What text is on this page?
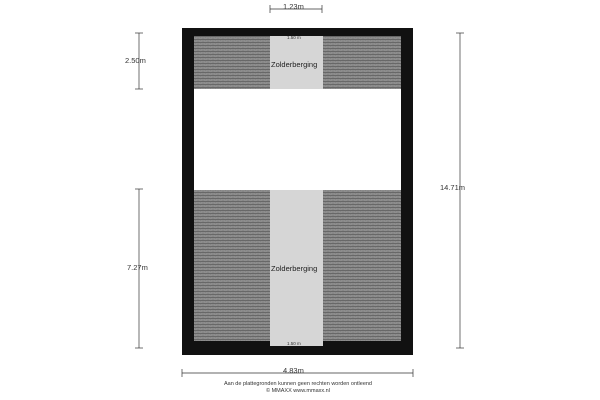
1.23m
2.50m
7.27m
14.71m
4.83m
1.50 m
1.50 m
Zolderberging
Zolderberging
Aan de plattegronden kunnen geen rechten worden ontleend
© MMAXX www.mmaxx.nl
